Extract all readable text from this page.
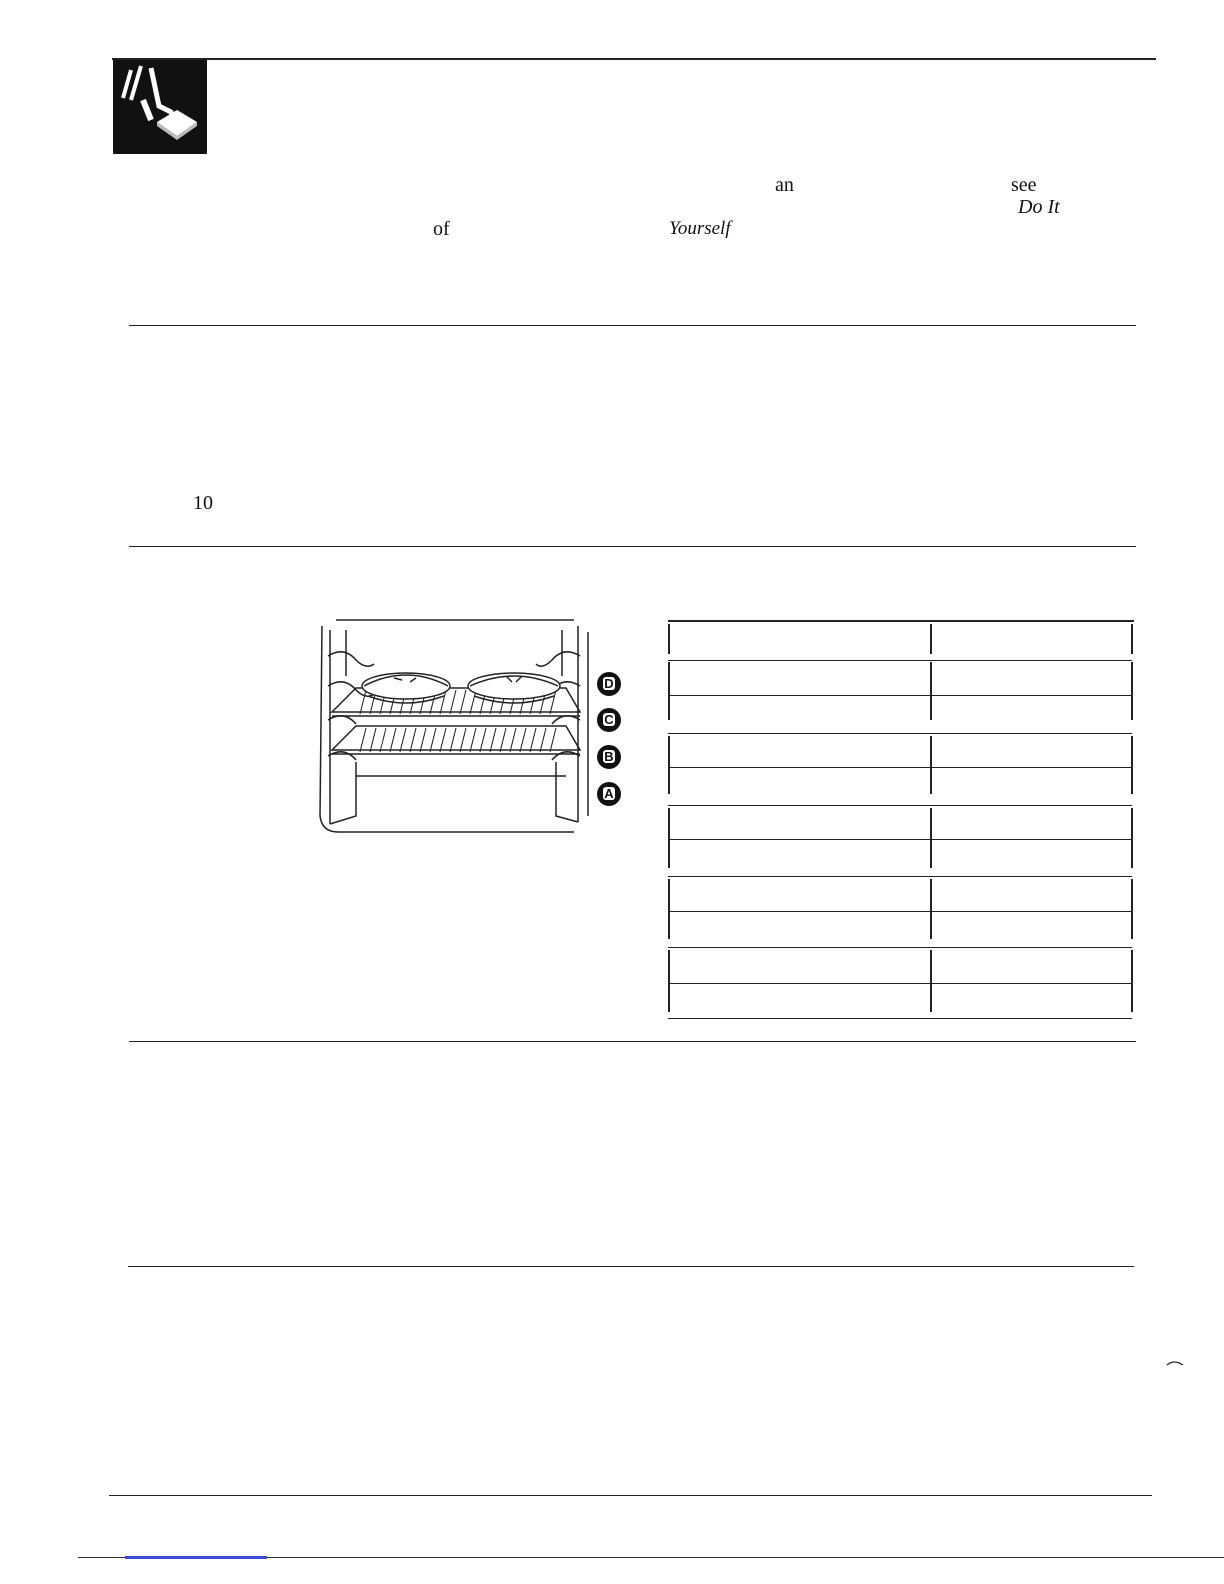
an	see
Do It
of	Yourself
10
D
C
B
A
